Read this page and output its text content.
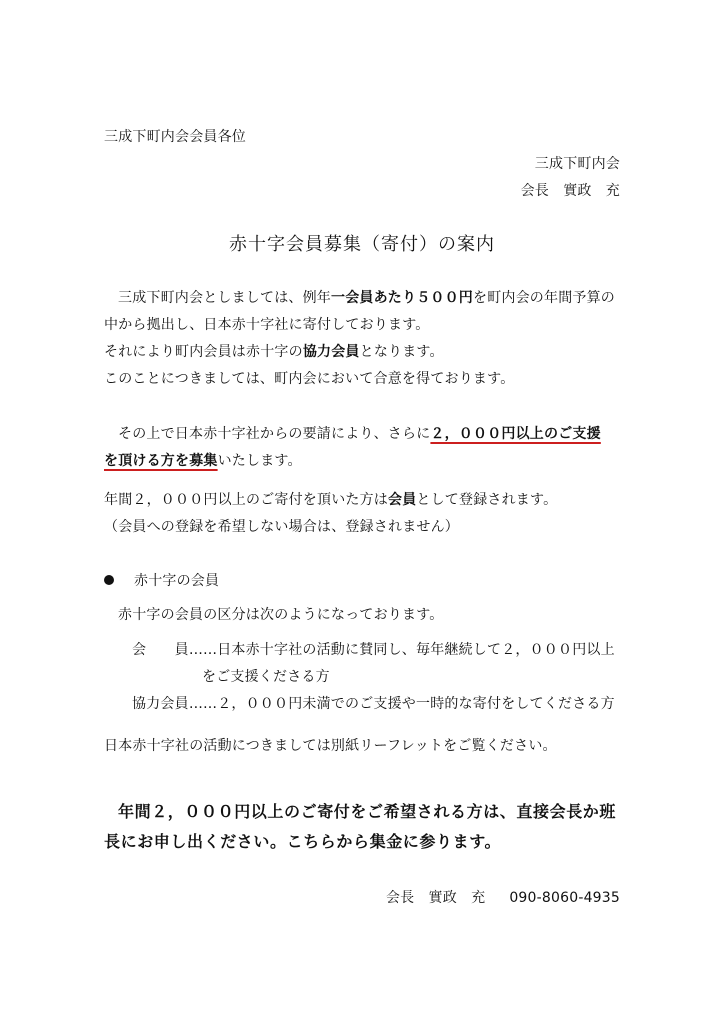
三成下町内会会員各位
三成下町内会
会長　實政　充
赤十字会員募集（寄付）の案内
三成下町内会としましては、例年一会員あたり５００円を町内会の年間予算の
中から拠出し、日本赤十字社に寄付しております。
それにより町内会員は赤十字の協力会員となります。
このことにつきましては、町内会において合意を得ております。
その上で日本赤十字社からの要請により、さらに２，０００円以上のご支援
を頂ける方を募集いたします。
年間２，０００円以上のご寄付を頂いた方は会員として登録されます。
（会員への登録を希望しない場合は、登録されません）
赤十字の会員
赤十字の会員の区分は次のようになっております。
会　　員……日本赤十字社の活動に賛同し、毎年継続して２，０００円以上
をご支援くださる方
協力会員……２，０００円未満でのご支援や一時的な寄付をしてくださる方
日本赤十字社の活動につきましては別紙リーフレットをご覧ください。
年間２，０００円以上のご寄付をご希望される方は、直接会長か班
長にお申し出ください。こちらから集金に参ります。
会長　實政　充 090-8060-4935
